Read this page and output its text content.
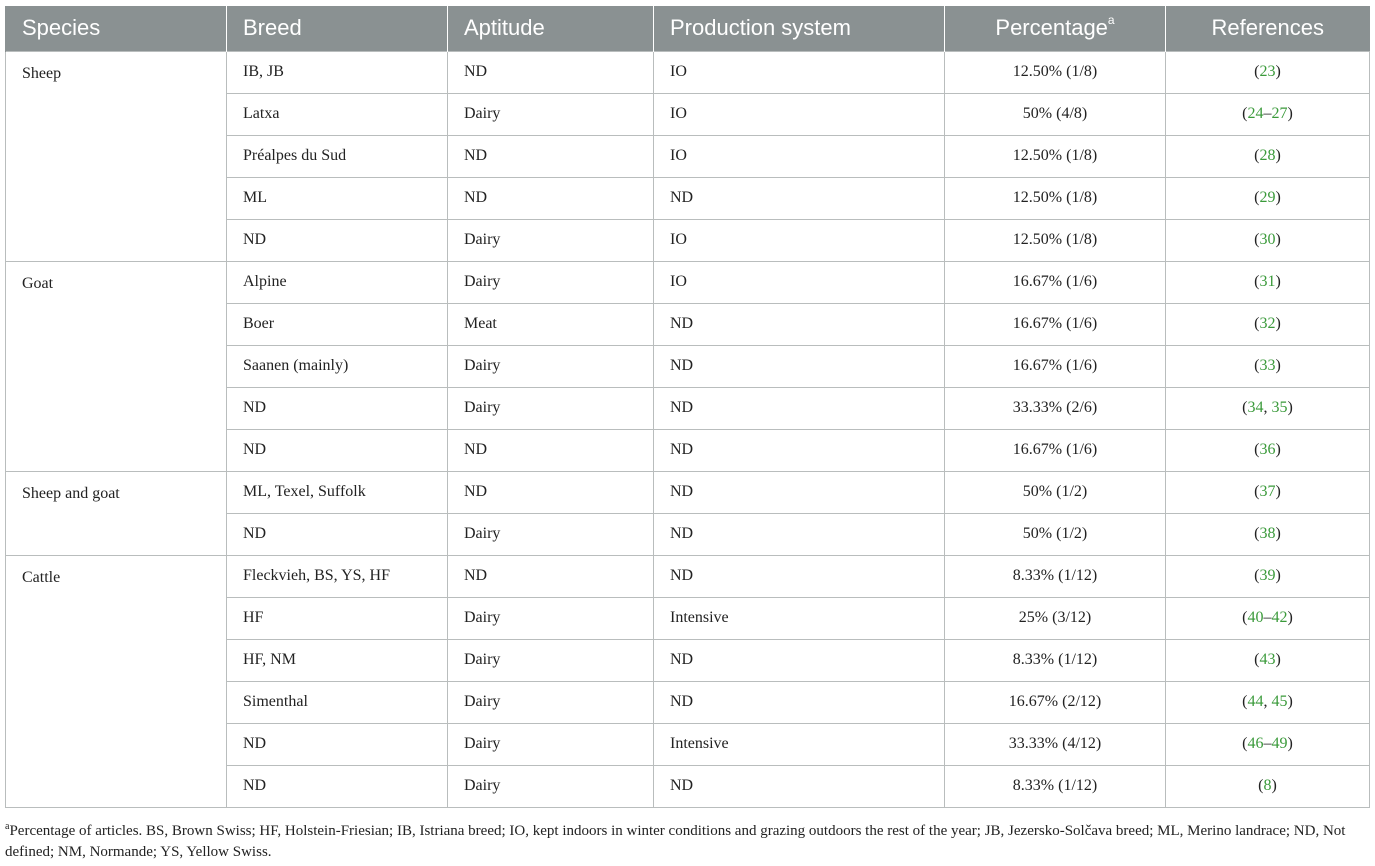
Species	Breed	Aptitude	Production system	Percentage$^a$	References
Sheep	IB, JB	ND	IO	12.50% (1/8)	(23)
	Latxa	Dairy	IO	50% (4/8)	(24–27)
	Préalpes du Sud	ND	IO	12.50% (1/8)	(28)
	ML	ND	ND	12.50% (1/8)	(29)
	ND	Dairy	IO	12.50% (1/8)	(30)
Goat	Alpine	Dairy	IO	16.67% (1/6)	(31)
	Boer	Meat	ND	16.67% (1/6)	(32)
	Saanen (mainly)	Dairy	ND	16.67% (1/6)	(33)
	ND	Dairy	ND	33.33% (2/6)	(34, 35)
	ND	ND	ND	16.67% (1/6)	(36)
Sheep and goat	ML, Texel, Suffolk	ND	ND	50% (1/2)	(37)
	ND	Dairy	ND	50% (1/2)	(38)
Cattle	Fleckvieh, BS, YS, HF	ND	ND	8.33% (1/12)	(39)
	HF	Dairy	Intensive	25% (3/12)	(40–42)
	HF, NM	Dairy	ND	8.33% (1/12)	(43)
	Simenthal	Dairy	ND	16.67% (2/12)	(44, 45)
	ND	Dairy	Intensive	33.33% (4/12)	(46–49)
	ND	Dairy	ND	8.33% (1/12)	(8)
$^a$Percentage of articles. BS, Brown Swiss; HF, Holstein-Friesian; IB, Istriana breed; IO, kept indoors in winter conditions and grazing outdoors the rest of the year; JB, Jezersko-Solčava breed; ML, Merino landrace; ND, Not defined; NM, Normande; YS, Yellow Swiss.
